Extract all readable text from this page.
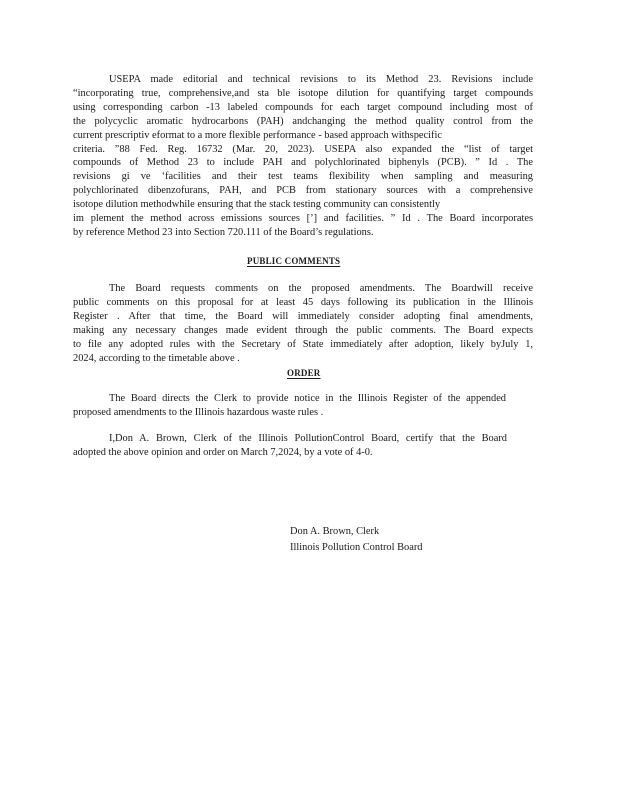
USEPA made editorial and technical revisions to its Method 23. Revisions include
“incorporating true, comprehensive,and sta ble isotope dilution for quantifying target compounds
using corresponding carbon -13 labeled compounds for each target compound including most of
the polycyclic aromatic hydrocarbons (PAH) andchanging the method quality control from the
current prescriptiv eformat to a more flexible performance - based approach withspecific
criteria. ”88 Fed. Reg. 16732 (Mar. 20, 2023). USEPA also expanded the “list of target
compounds of Method 23 to include PAH and polychlorinated biphenyls (PCB). ” Id . The
revisions gi ve ‘facilities and their test teams flexibility when sampling and measuring
polychlorinated dibenzofurans, PAH, and PCB from stationary sources with a comprehensive
isotope dilution methodwhile ensuring that the stack testing community can consistently
im plement the method across emissions sources [’] and facilities. ” Id . The Board incorporates
by reference Method 23 into Section 720.111 of the Board’s regulations.

PUBLIC COMMENTS

The Board requests comments on the proposed amendments. The Boardwill receive
public comments on this proposal for at least 45 days following its publication in the Illinois
Register . After that time, the Board will immediately consider adopting final amendments,
making any necessary changes made evident through the public comments. The Board expects
to file any adopted rules with the Secretary of State immediately after adoption, likely byJuly 1,
2024, according to the timetable above .

ORDER

The Board directs the Clerk to provide notice in the Illinois Register of the appended
proposed amendments to the Illinois hazardous waste rules .
I,Don A. Brown, Clerk of the Illinois PollutionControl Board, certify that the Board
adopted the above opinion and order on March 7,2024, by a vote of 4-0.
Don A. Brown, Clerk
Illinois Pollution Control Board
